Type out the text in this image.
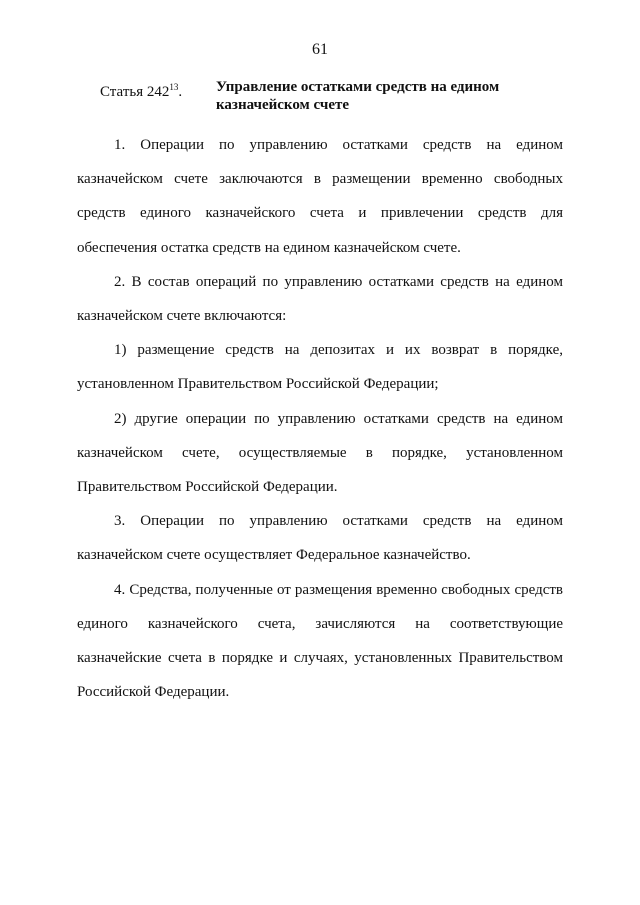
61
Статья $242^{13}$. Управление остатками средств на едином казначейском счете

1. Операции по управлению остатками средств на едином казначейском счете заключаются в размещении временно свободных средств единого казначейского счета и привлечении средств для обеспечения остатка средств на едином казначейском счете.

2. В состав операций по управлению остатками средств на едином казначейском счете включаются:

1) размещение средств на депозитах и их возврат в порядке, установленном Правительством Российской Федерации;

2) другие операции по управлению остатками средств на едином казначейском счете, осуществляемые в порядке, установленном Правительством Российской Федерации.

3. Операции по управлению остатками средств на едином казначейском счете осуществляет Федеральное казначейство.

4. Средства, полученные от размещения временно свободных средств единого казначейского счета, зачисляются на соответствующие казначейские счета в порядке и случаях, установленных Правительством Российской Федерации.
